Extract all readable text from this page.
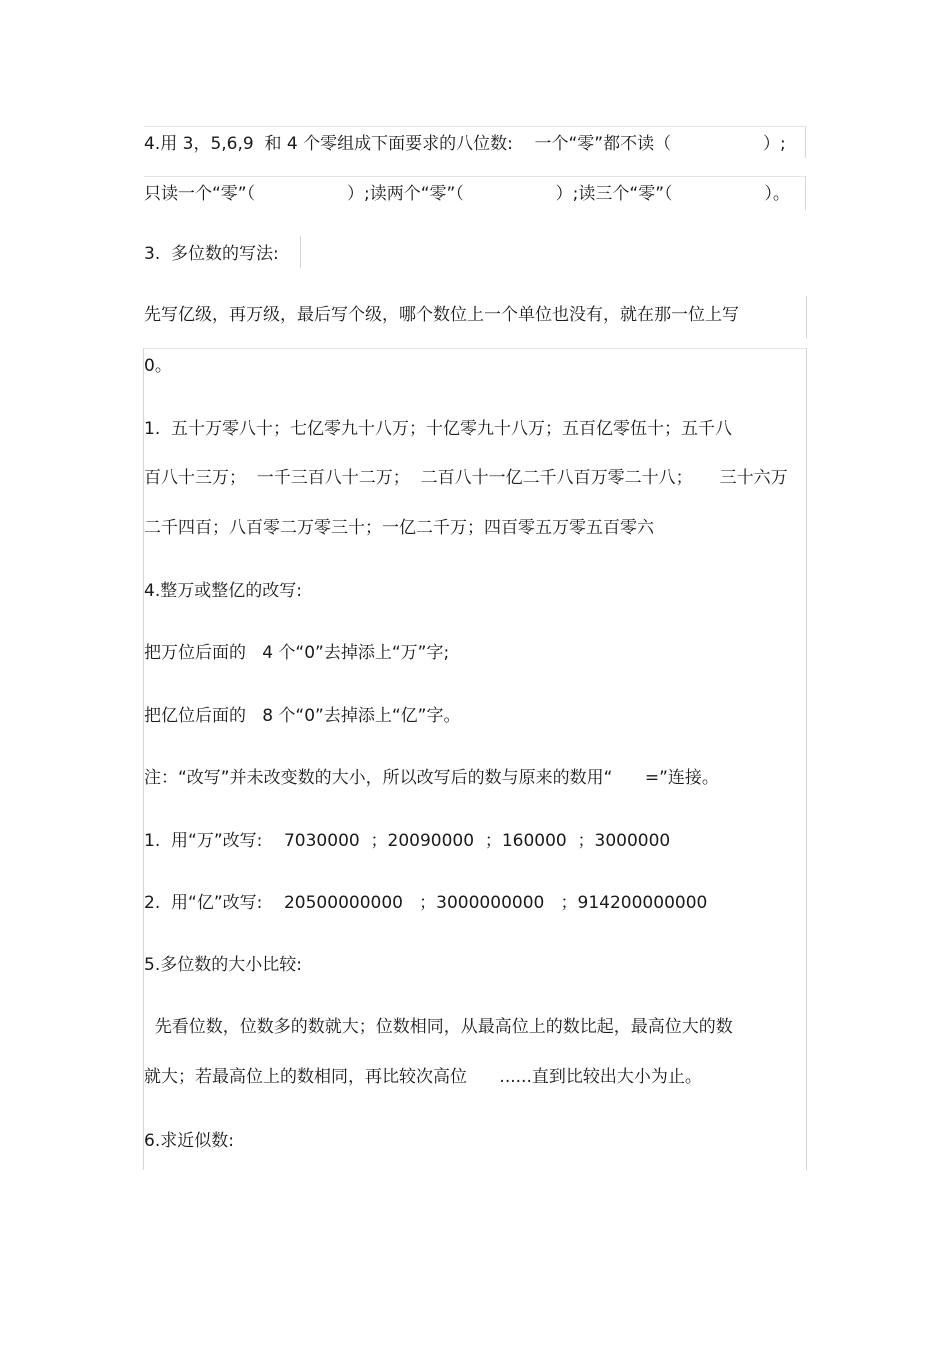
4.用 3，5,6,9  和 4 个零组成下面要求的八位数:    一个“零”都不读（                 ）;
只读一个“零”（                 ）;读两个“零”（                 ）;读三个“零”（                 ）。
3.  多位数的写法:
先写亿级，再万级，最后写个级，哪个数位上一个单位也没有，就在那一位上写
0。
1.  五十万零八十；七亿零九十八万；十亿零九十八万；五百亿零伍十；五千八
百八十三万；  一千三百八十二万；  二百八十一亿二千八百万零二十八；     三十六万
二千四百；八百零二万零三十；一亿二千万；四百零五万零五百零六
4.整万或整亿的改写:
把万位后面的   4 个“0”去掉添上“万”字;
把亿位后面的   8 个“0”去掉添上“亿”字。
注：“改写”并未改变数的大小，所以改写后的数与原来的数用“      =”连接。
1.  用“万”改写:    7030000  ；20090000  ；160000  ；3000000
2.  用“亿”改写:    20500000000   ；3000000000   ；914200000000
5.多位数的大小比较:
先看位数，位数多的数就大；位数相同，从最高位上的数比起，最高位大的数
就大；若最高位上的数相同，再比较次高位      ......直到比较出大小为止。
6.求近似数:
